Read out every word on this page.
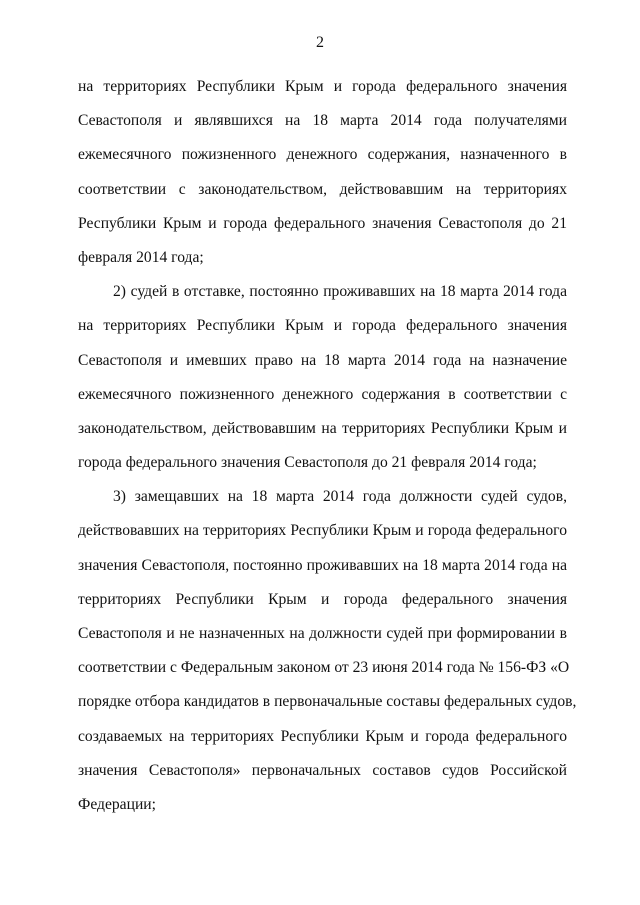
2
на территориях Республики Крым и города федерального значения
Севастополя и являвшихся на 18 марта 2014 года получателями
ежемесячного пожизненного денежного содержания, назначенного в
соответствии с законодательством, действовавшим на территориях
Республики Крым и города федерального значения Севастополя до 21
февраля 2014 года;
2) судей в отставке, постоянно проживавших на 18 марта 2014 года
на территориях Республики Крым и города федерального значения
Севастополя и имевших право на 18 марта 2014 года на назначение
ежемесячного пожизненного денежного содержания в соответствии с
законодательством, действовавшим на территориях Республики Крым и
города федерального значения Севастополя до 21 февраля 2014 года;
3) замещавших на 18 марта 2014 года должности судей судов,
действовавших на территориях Республики Крым и города федерального
значения Севастополя, постоянно проживавших на 18 марта 2014 года на
территориях Республики Крым и города федерального значения
Севастополя и не назначенных на должности судей при формировании в
соответствии с Федеральным законом от 23 июня 2014 года № 156-ФЗ «О
порядке отбора кандидатов в первоначальные составы федеральных судов,
создаваемых на территориях Республики Крым и города федерального
значения Севастополя» первоначальных составов судов Российской
Федерации;
